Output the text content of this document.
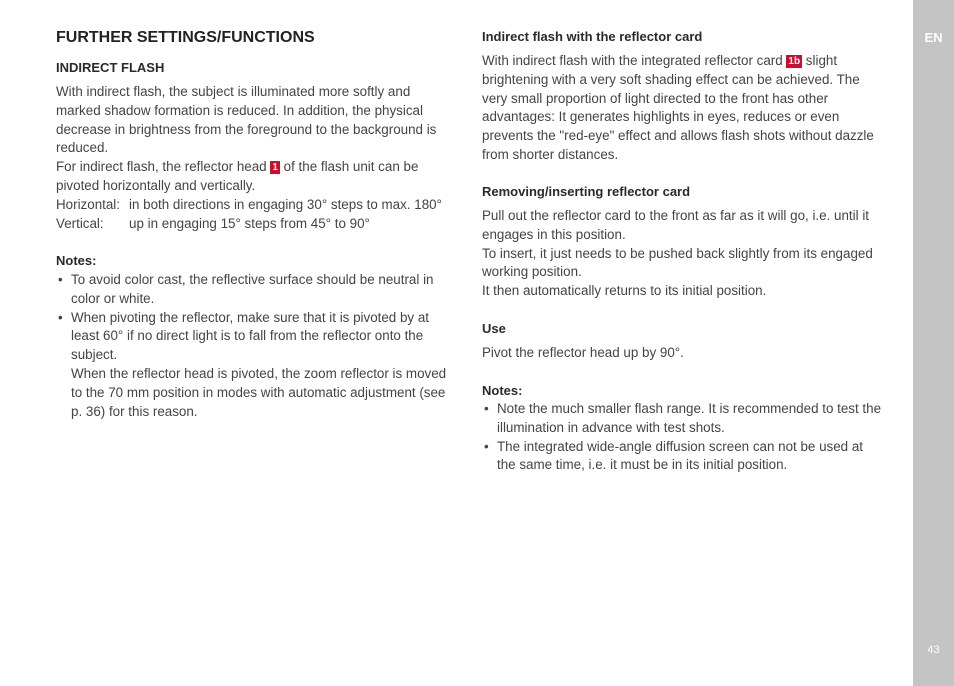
EN
43
FURTHER SETTINGS/FUNCTIONS
INDIRECT FLASH
With indirect flash, the subject is illuminated more softly and marked shadow formation is reduced. In addition, the physical decrease in brightness from the foreground to the background is reduced.
For indirect flash, the reflector head 1 of the flash unit can be pivoted horizontally and vertically.
Horizontal: in both directions in engaging 30° steps to max. 180°
Vertical:	up in engaging 15° steps from 45° to 90°
Notes:
• To avoid color cast, the reflective surface should be neutral in color or white.
• When pivoting the reflector, make sure that it is pivoted by at least 60° if no direct light is to fall from the reflector onto the subject.
When the reflector head is pivoted, the zoom reflector is moved to the 70 mm position in modes with automatic adjustment (see p. 36) for this reason.
Indirect flash with the reflector card
With indirect flash with the integrated reflector card 1b slight brightening with a very soft shading effect can be achieved. The very small proportion of light directed to the front has other advantages: It generates highlights in eyes, reduces or even prevents the "red-eye" effect and allows flash shots without dazzle from shorter distances.
Removing/inserting reflector card
Pull out the reflector card to the front as far as it will go, i.e. until it engages in this position.
To insert, it just needs to be pushed back slightly from its engaged working position.
It then automatically returns to its initial position.
Use
Pivot the reflector head up by 90°.
Notes:
• Note the much smaller flash range. It is recommended to test the illumination in advance with test shots.
• The integrated wide-angle diffusion screen can not be used at the same time, i.e. it must be in its initial position.
